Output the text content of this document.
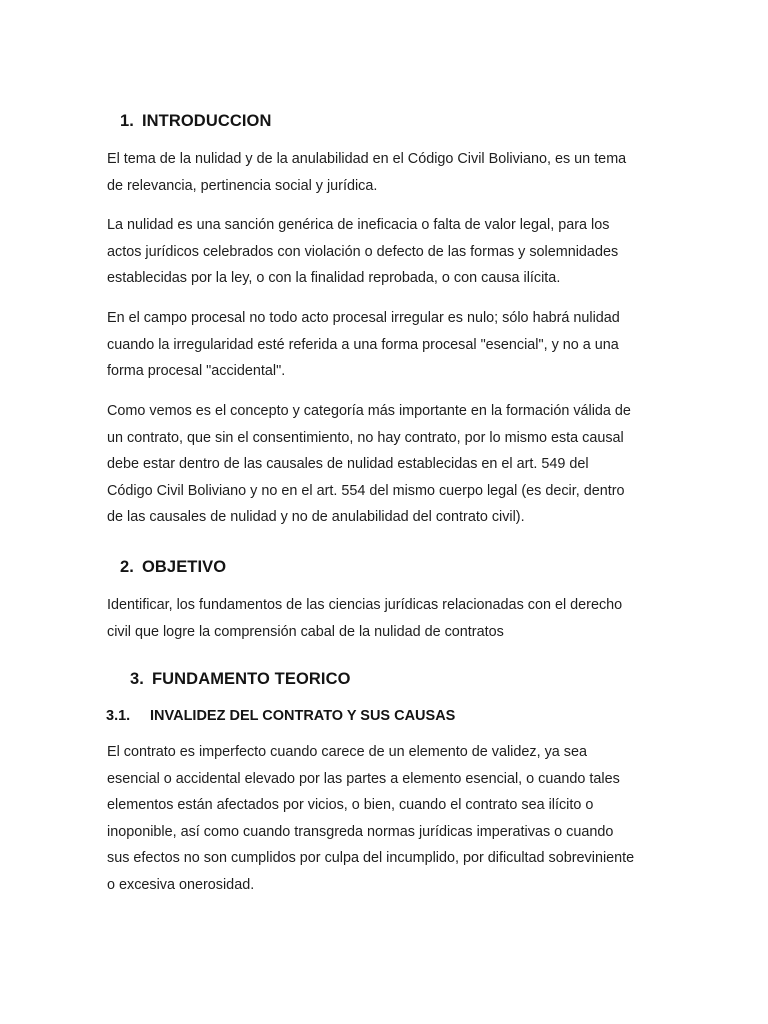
1. INTRODUCCION
El tema de la nulidad y de la anulabilidad en el Código Civil Boliviano, es un tema
de relevancia, pertinencia social y jurídica.
La nulidad es una sanción genérica de ineficacia o falta de valor legal, para los
actos jurídicos celebrados con violación o defecto de las formas y solemnidades
establecidas por la ley, o con la finalidad reprobada, o con causa ilícita.
En el campo procesal no todo acto procesal irregular es nulo; sólo habrá nulidad
cuando la irregularidad esté referida a una forma procesal "esencial", y no a una
forma procesal "accidental".
Como vemos es el concepto y categoría más importante en la formación válida de
un contrato, que sin el consentimiento, no hay contrato, por lo mismo esta causal
debe estar dentro de las causales de nulidad establecidas en el art. 549 del
Código Civil Boliviano y no en el art. 554 del mismo cuerpo legal (es decir, dentro
de las causales de nulidad y no de anulabilidad del contrato civil).
2. OBJETIVO
Identificar, los fundamentos de las ciencias jurídicas relacionadas con el derecho
civil que logre la comprensión cabal de la nulidad de contratos
3. FUNDAMENTO TEORICO
3.1. INVALIDEZ DEL CONTRATO Y SUS CAUSAS
El contrato es imperfecto cuando carece de un elemento de validez, ya sea
esencial o accidental elevado por las partes a elemento esencial, o cuando tales
elementos están afectados por vicios, o bien, cuando el contrato sea ilícito o
inoponible, así como cuando transgreda normas jurídicas imperativas o cuando
sus efectos no son cumplidos por culpa del incumplido, por dificultad sobreviniente
o excesiva onerosidad.
